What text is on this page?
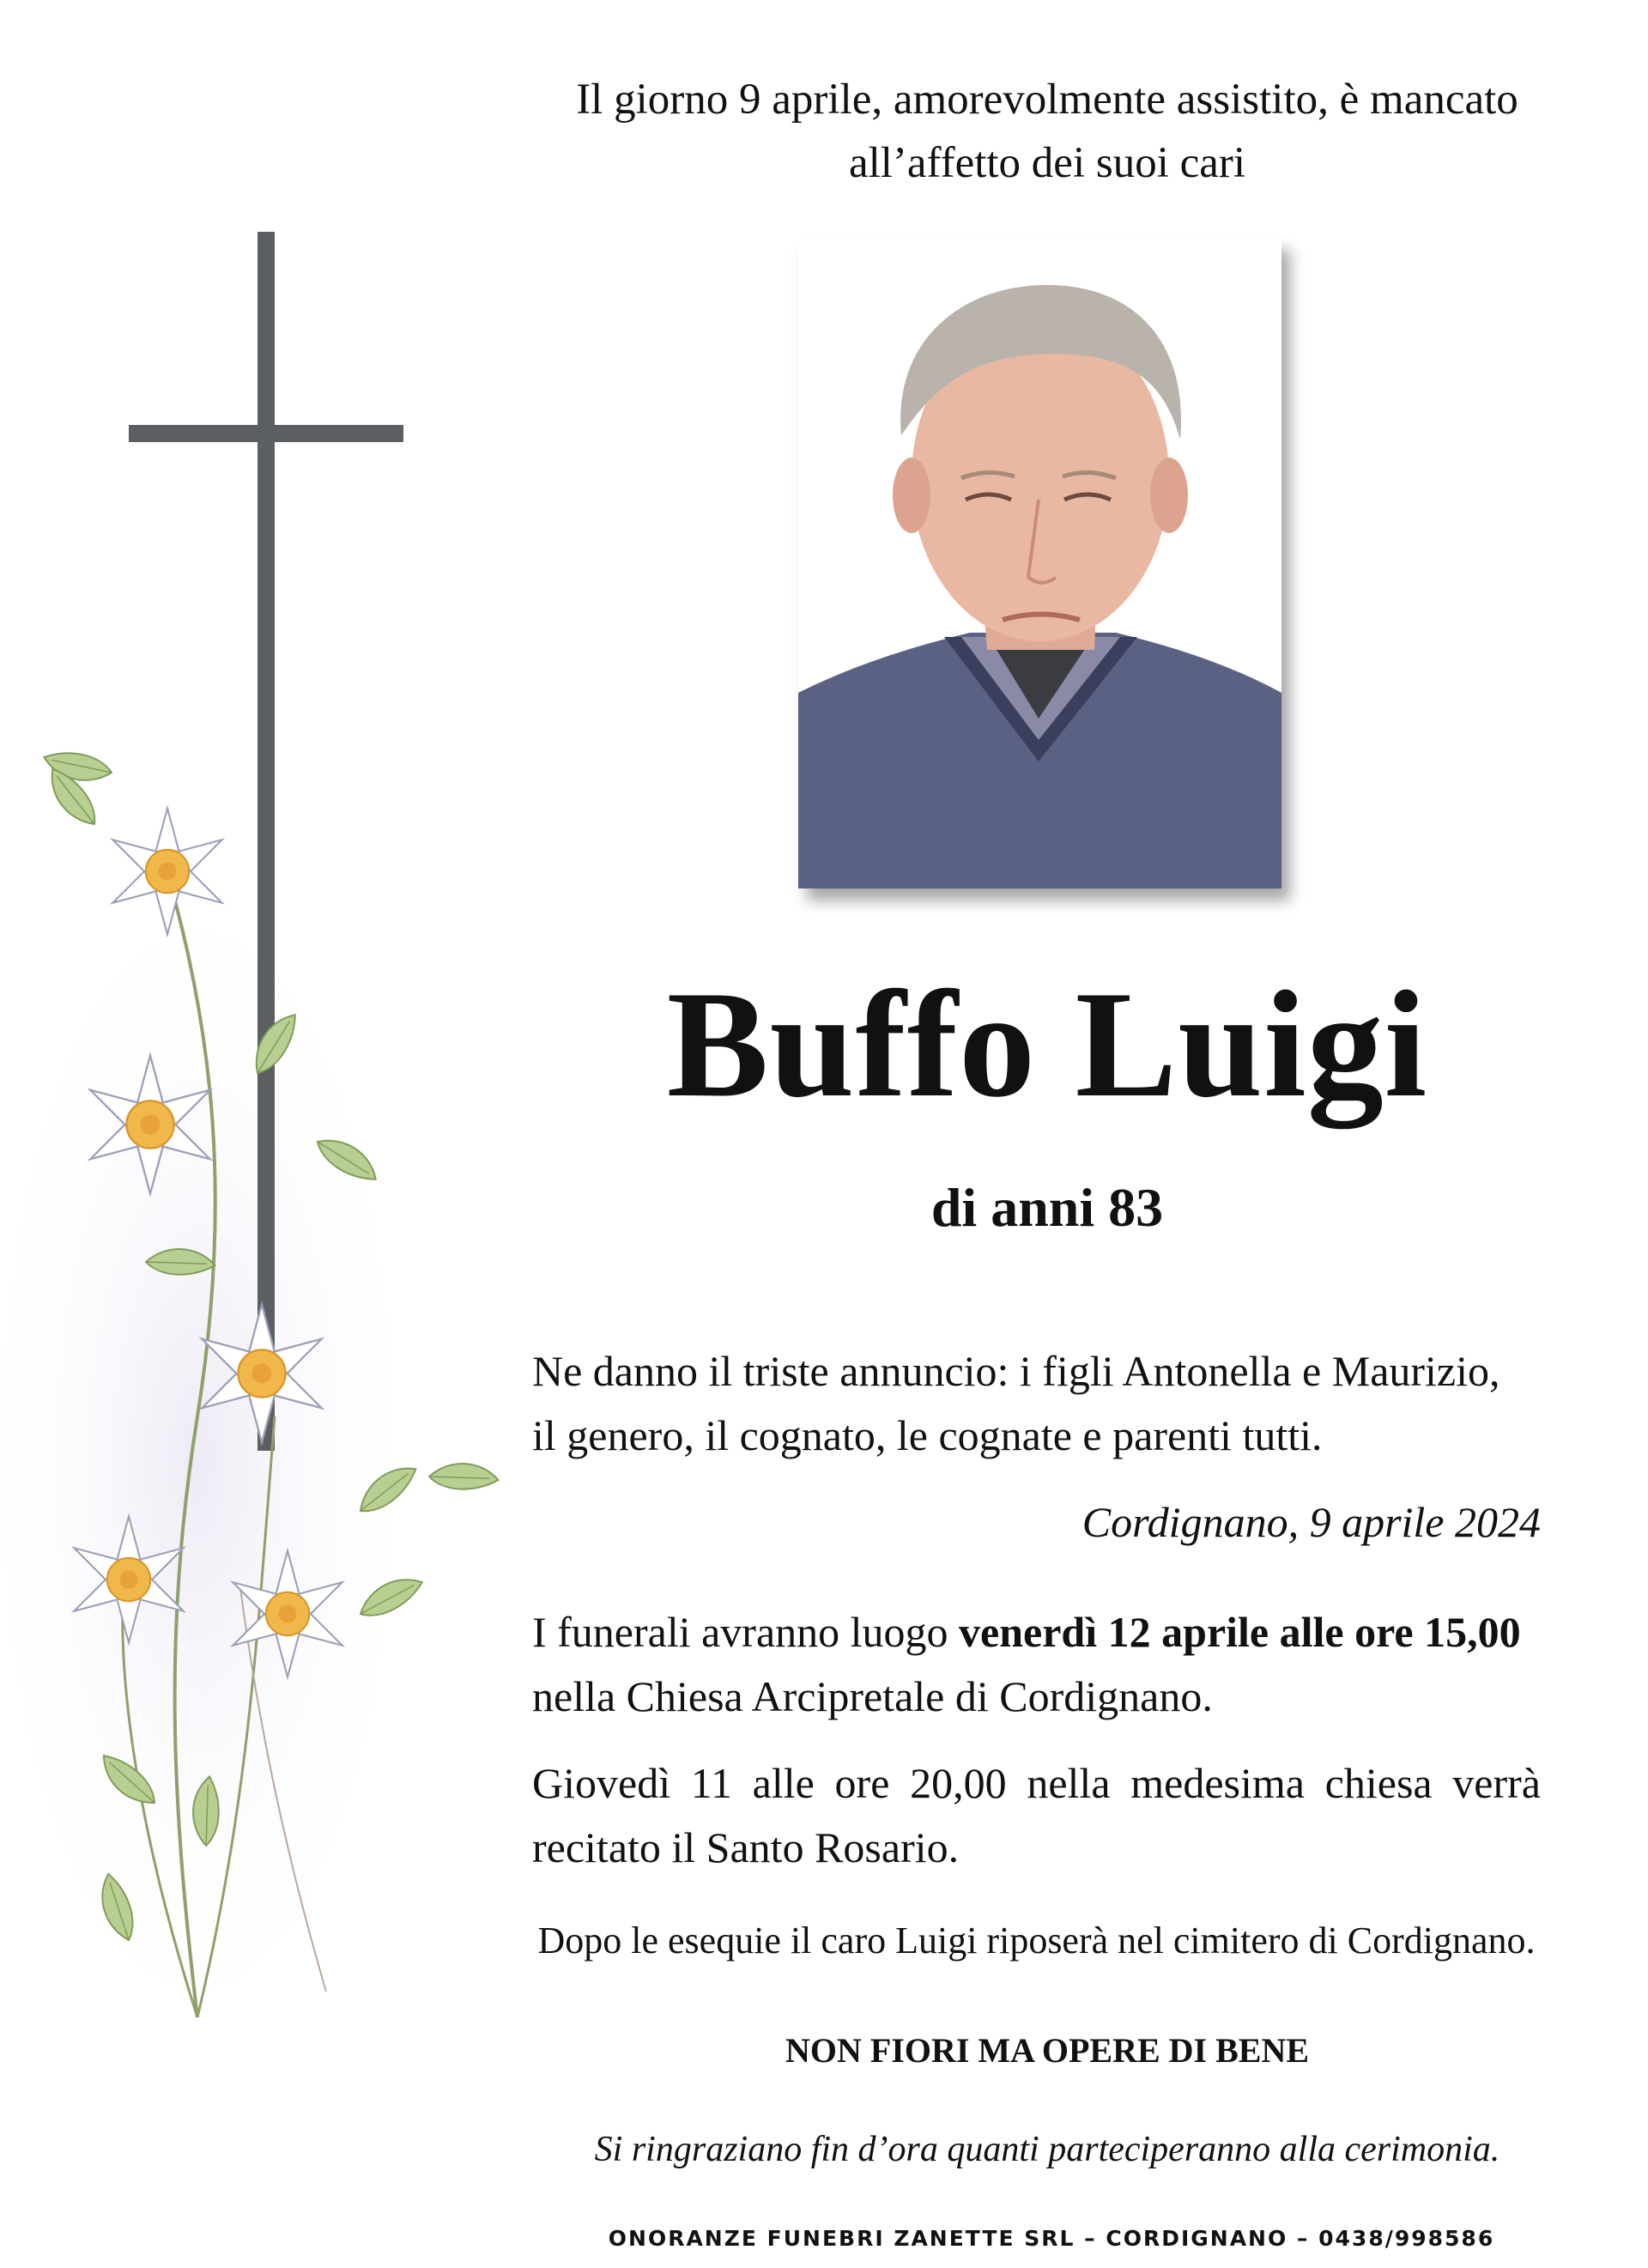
Il giorno 9 aprile, amorevolmente assistito, è mancato
all’affetto dei suoi cari
Buffo Luigi
di anni 83
Ne danno il triste annuncio: i figli Antonella e Maurizio,
il genero, il cognato, le cognate e parenti tutti.
Cordignano, 9 aprile 2024
I funerali avranno luogo venerdì 12 aprile alle ore 15,00
nella Chiesa Arcipretale di Cordignano.
Giovedì 11 alle ore 20,00 nella medesima chiesa verrà
recitato il Santo Rosario.
Dopo le esequie il caro Luigi riposerà nel cimitero di Cordignano.
NON FIORI MA OPERE DI BENE
Si ringraziano fin d’ora quanti parteciperanno alla cerimonia.
ONORANZE FUNEBRI ZANETTE SRL – CORDIGNANO – 0438/998586
